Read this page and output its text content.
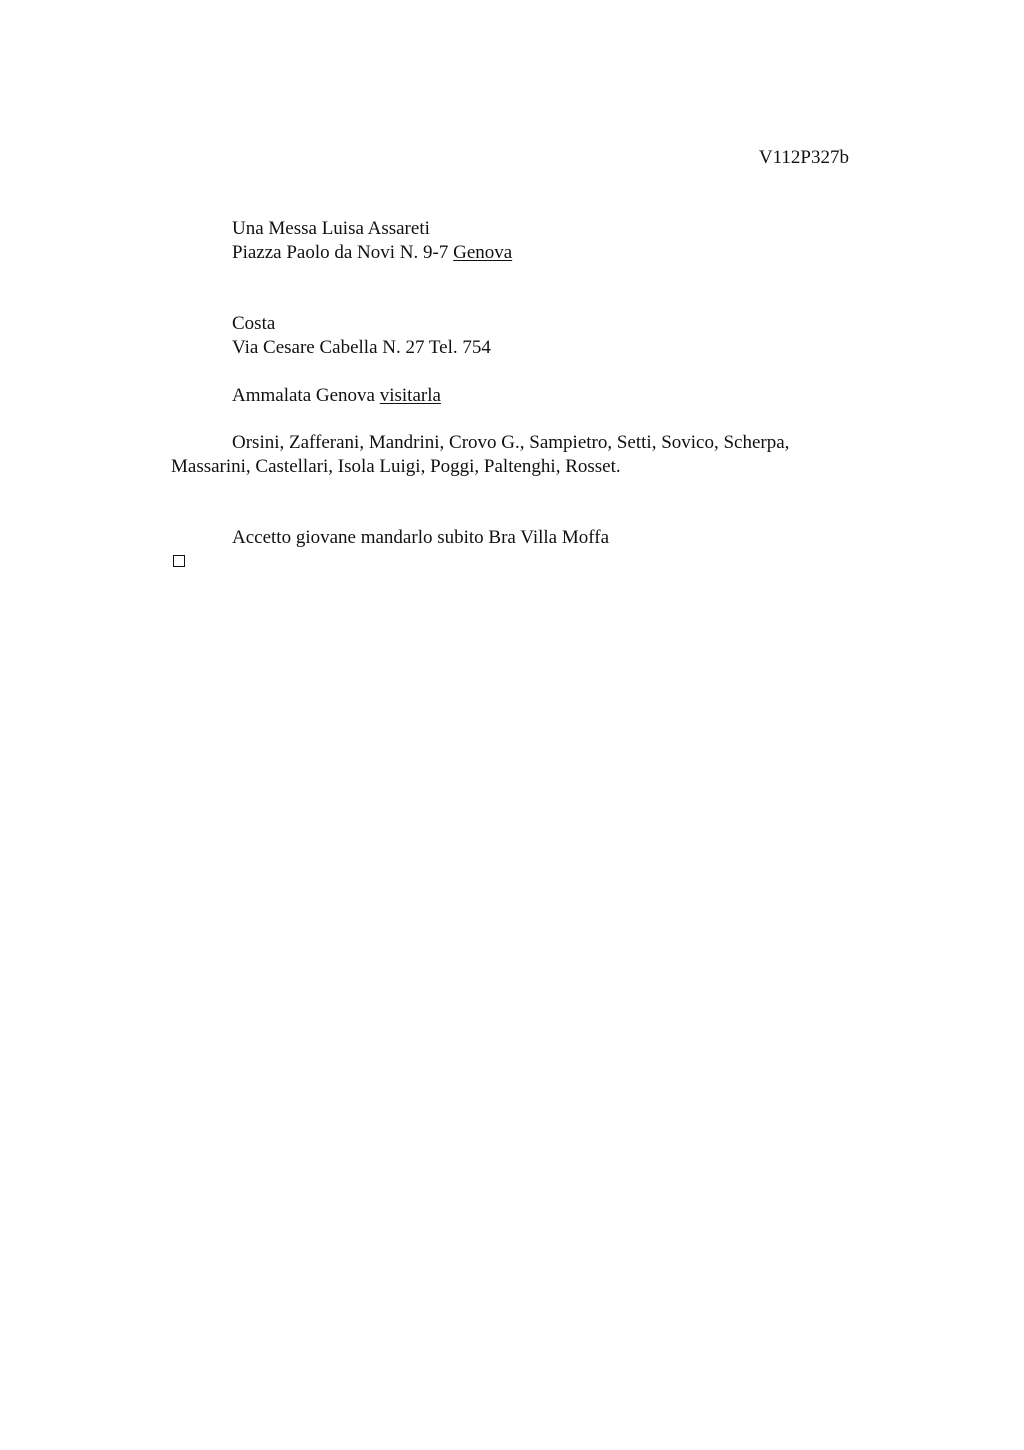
V112P327b
Una Messa Luisa Assareti
Piazza Paolo da Novi N. 9-7 Genova
Costa
Via Cesare Cabella N. 27 Tel. 754
Ammalata Genova visitarla
Orsini, Zafferani, Mandrini, Crovo G., Sampietro, Setti, Sovico, Scherpa,
Massarini, Castellari, Isola Luigi, Poggi, Paltenghi, Rosset.
Accetto giovane mandarlo subito Bra Villa Moffa
